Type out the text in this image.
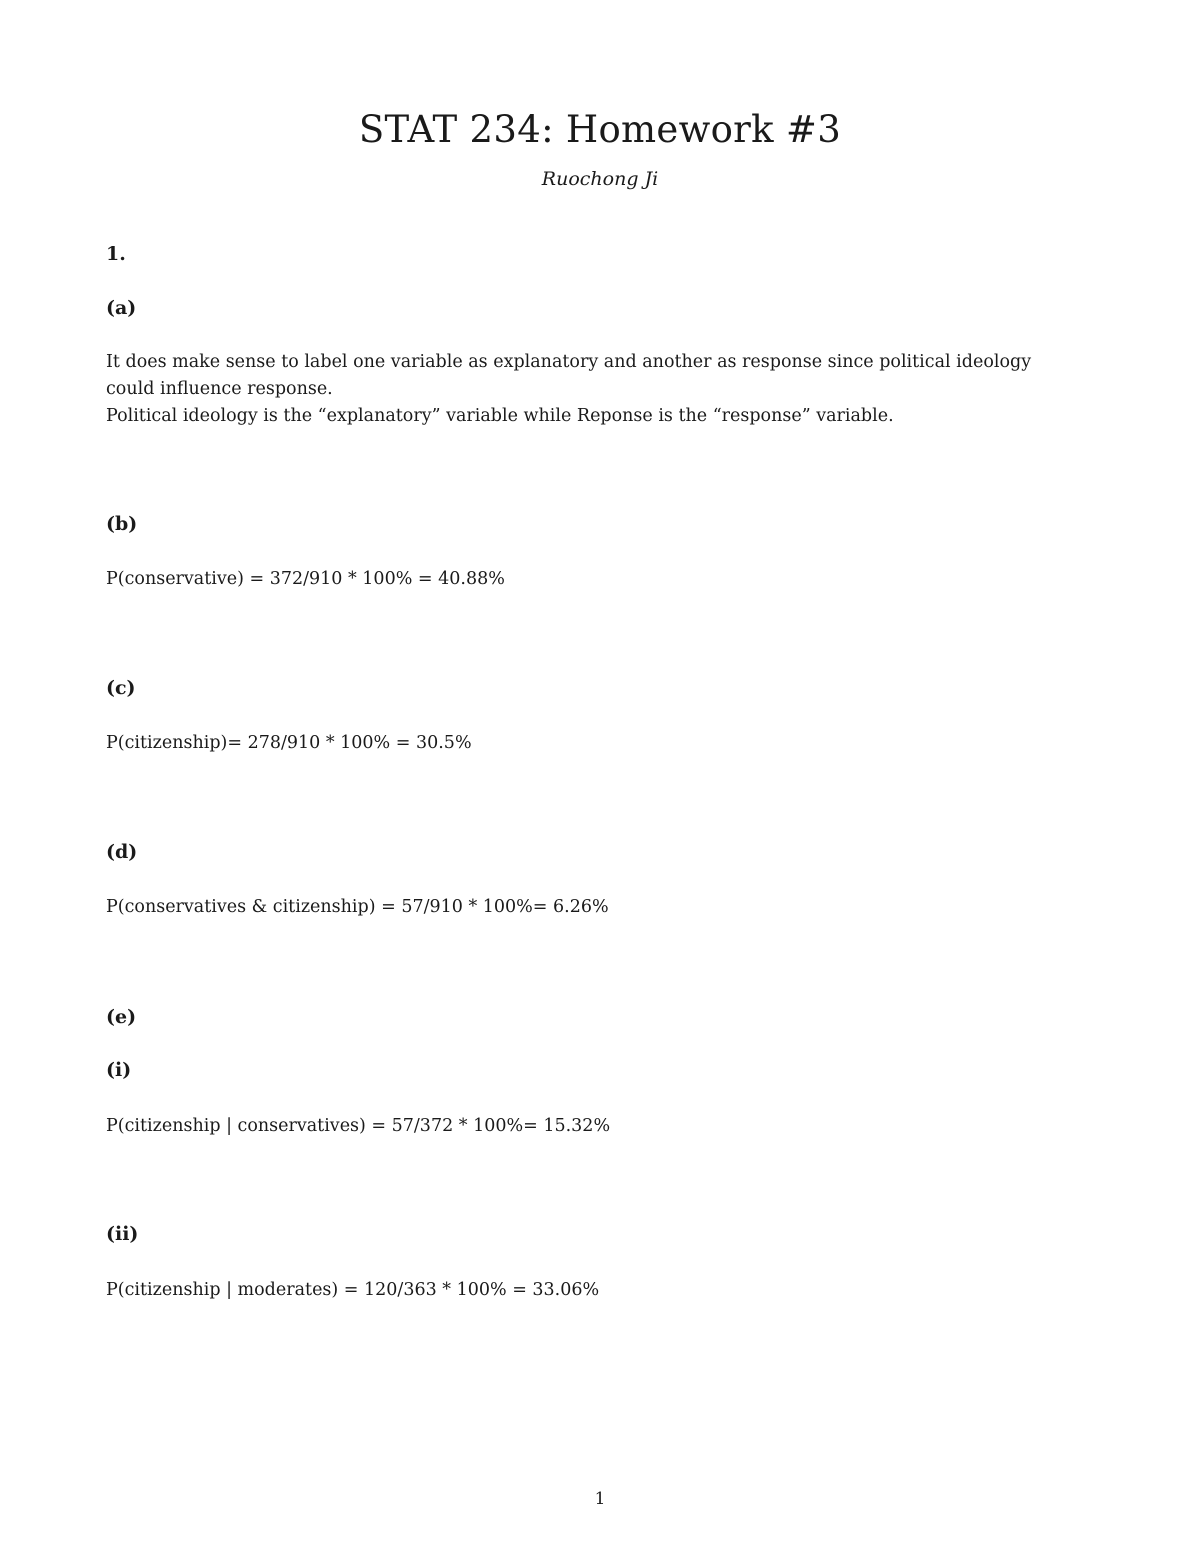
STAT 234: Homework #3
Ruochong Ji
1.
(a)

It does make sense to label one variable as explanatory and another as response since political ideology
could influence response.
Political ideology is the “explanatory” variable while Reponse is the “response” variable.

(b)

P(conservative) = 372/910 * 100% = 40.88%

(c)

P(citizenship)= 278/910 * 100% = 30.5%

(d)

P(conservatives & citizenship) = 57/910 * 100%= 6.26%

(e)
(i)

P(citizenship | conservatives) = 57/372 * 100%= 15.32%

(ii)

P(citizenship | moderates) = 120/363 * 100% = 33.06%

1
